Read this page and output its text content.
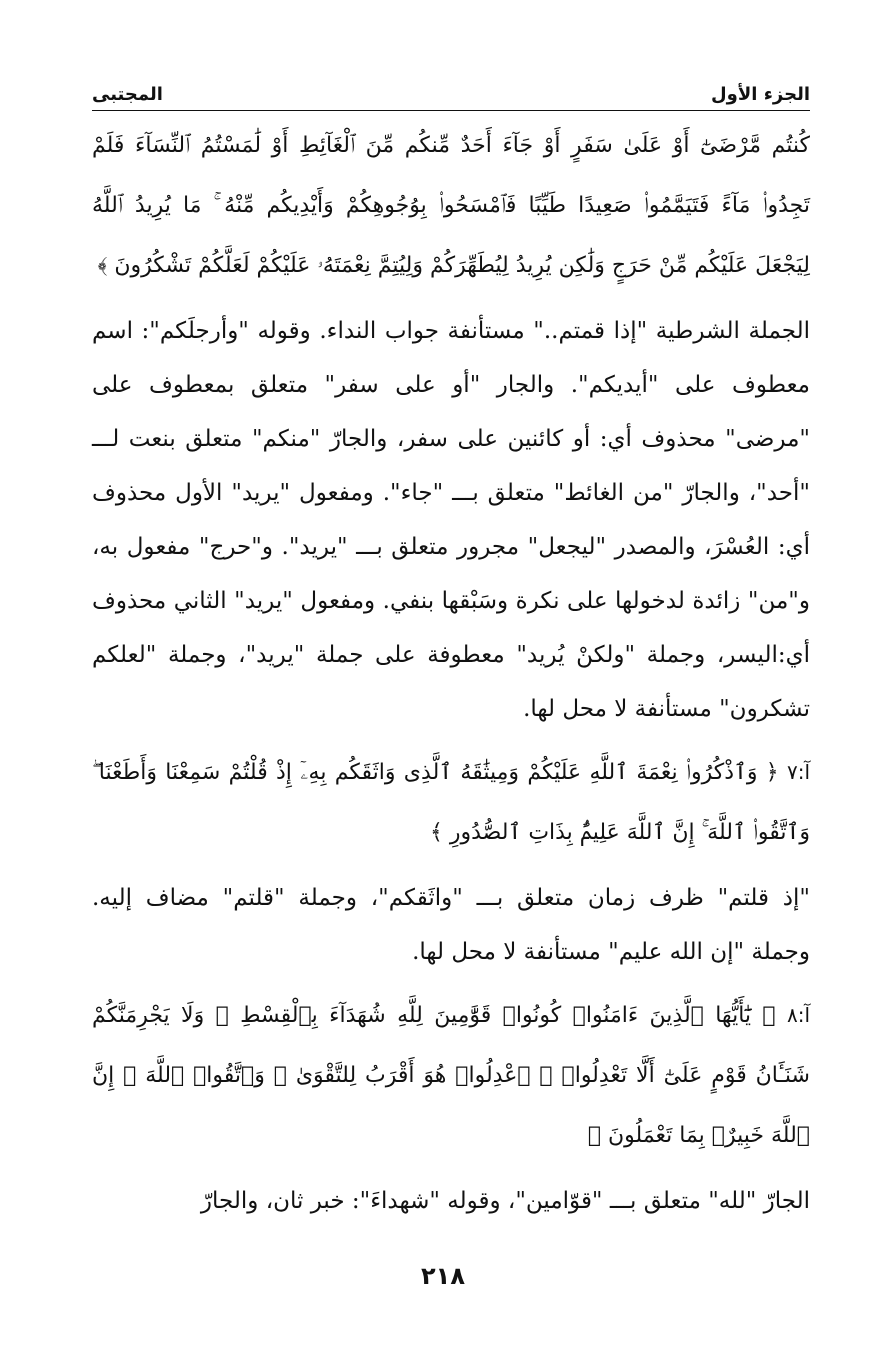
المجتبى	الجزء الأول

كُنتُم مَّرْضَىٰٓ أَوْ عَلَىٰ سَفَرٍ أَوْ جَآءَ أَحَدٌ مِّنكُم مِّنَ ٱلْغَآئِطِ أَوْ لَٰمَسْتُمُ ٱلنِّسَآءَ فَلَمْ تَجِدُوا۟ مَآءً فَتَيَمَّمُوا۟ صَعِيدًا طَيِّبًا فَٱمْسَحُوا۟ بِوُجُوهِكُمْ وَأَيْدِيكُم مِّنْهُ ۚ مَا يُرِيدُ ٱللَّهُ لِيَجْعَلَ عَلَيْكُم مِّنْ حَرَجٍ وَلَٰكِن يُرِيدُ لِيُطَهِّرَكُمْ وَلِيُتِمَّ نِعْمَتَهُۥ عَلَيْكُمْ لَعَلَّكُمْ تَشْكُرُونَ ﴾

الجملة الشرطية "إذا قمتم.." مستأنفة جواب النداء. وقوله "وأرجلَكم": اسم معطوف على "أيديكم". والجار "أو على سفر" متعلق بمعطوف على "مرضى" محذوف أي: أو كائنين على سفر، والجارّ "منكم" متعلق بنعت لـــ "أحد"، والجارّ "من الغائط" متعلق بـــ "جاء". ومفعول "يريد" الأول محذوف أي: العُسْرَ، والمصدر "ليجعل" مجرور متعلق بـــ "يريد". و"حرج" مفعول به، و"من" زائدة لدخولها على نكرة وسَبْقها بنفي. ومفعول "يريد" الثاني محذوف أي:اليسر، وجملة "ولكنْ يُريد" معطوفة على جملة "يريد"، وجملة "لعلكم تشكرون" مستأنفة لا محل لها.

آ:٧ ﴿ وَٱذْكُرُوا۟ نِعْمَةَ ٱللَّهِ عَلَيْكُمْ وَمِيثَٰقَهُ ٱلَّذِى وَاثَقَكُم بِهِۦٓ إِذْ قُلْتُمْ سَمِعْنَا وَأَطَعْنَا ۖ وَٱتَّقُوا۟ ٱللَّهَ ۚ إِنَّ ٱللَّهَ عَلِيمٌۢ بِذَاتِ ٱلصُّدُورِ ﴾

"إذ قلتم" ظرف زمان متعلق بـــ "واثَقكم"، وجملة "قلتم" مضاف إليه. وجملة "إن الله عليم" مستأنفة لا محل لها.

آ:٨ ﴿ يَٰٓأَيُّهَا ٱلَّذِينَ ءَامَنُوا۟ كُونُوا۟ قَوَّٰمِينَ لِلَّهِ شُهَدَآءَ بِٱلْقِسْطِ ۖ وَلَا يَجْرِمَنَّكُمْ شَنَـَٔانُ قَوْمٍ عَلَىٰٓ أَلَّا تَعْدِلُوا۟ ۚ ٱعْدِلُوا۟ هُوَ أَقْرَبُ لِلتَّقْوَىٰ ۖ وَٱتَّقُوا۟ ٱللَّهَ ۚ إِنَّ ٱللَّهَ خَبِيرٌۢ بِمَا تَعْمَلُونَ ﴾

الجارّ "لله" متعلق بـــ "قوّامين"، وقوله "شهداءَ": خبر ثان، والجارّ

٢١٨
